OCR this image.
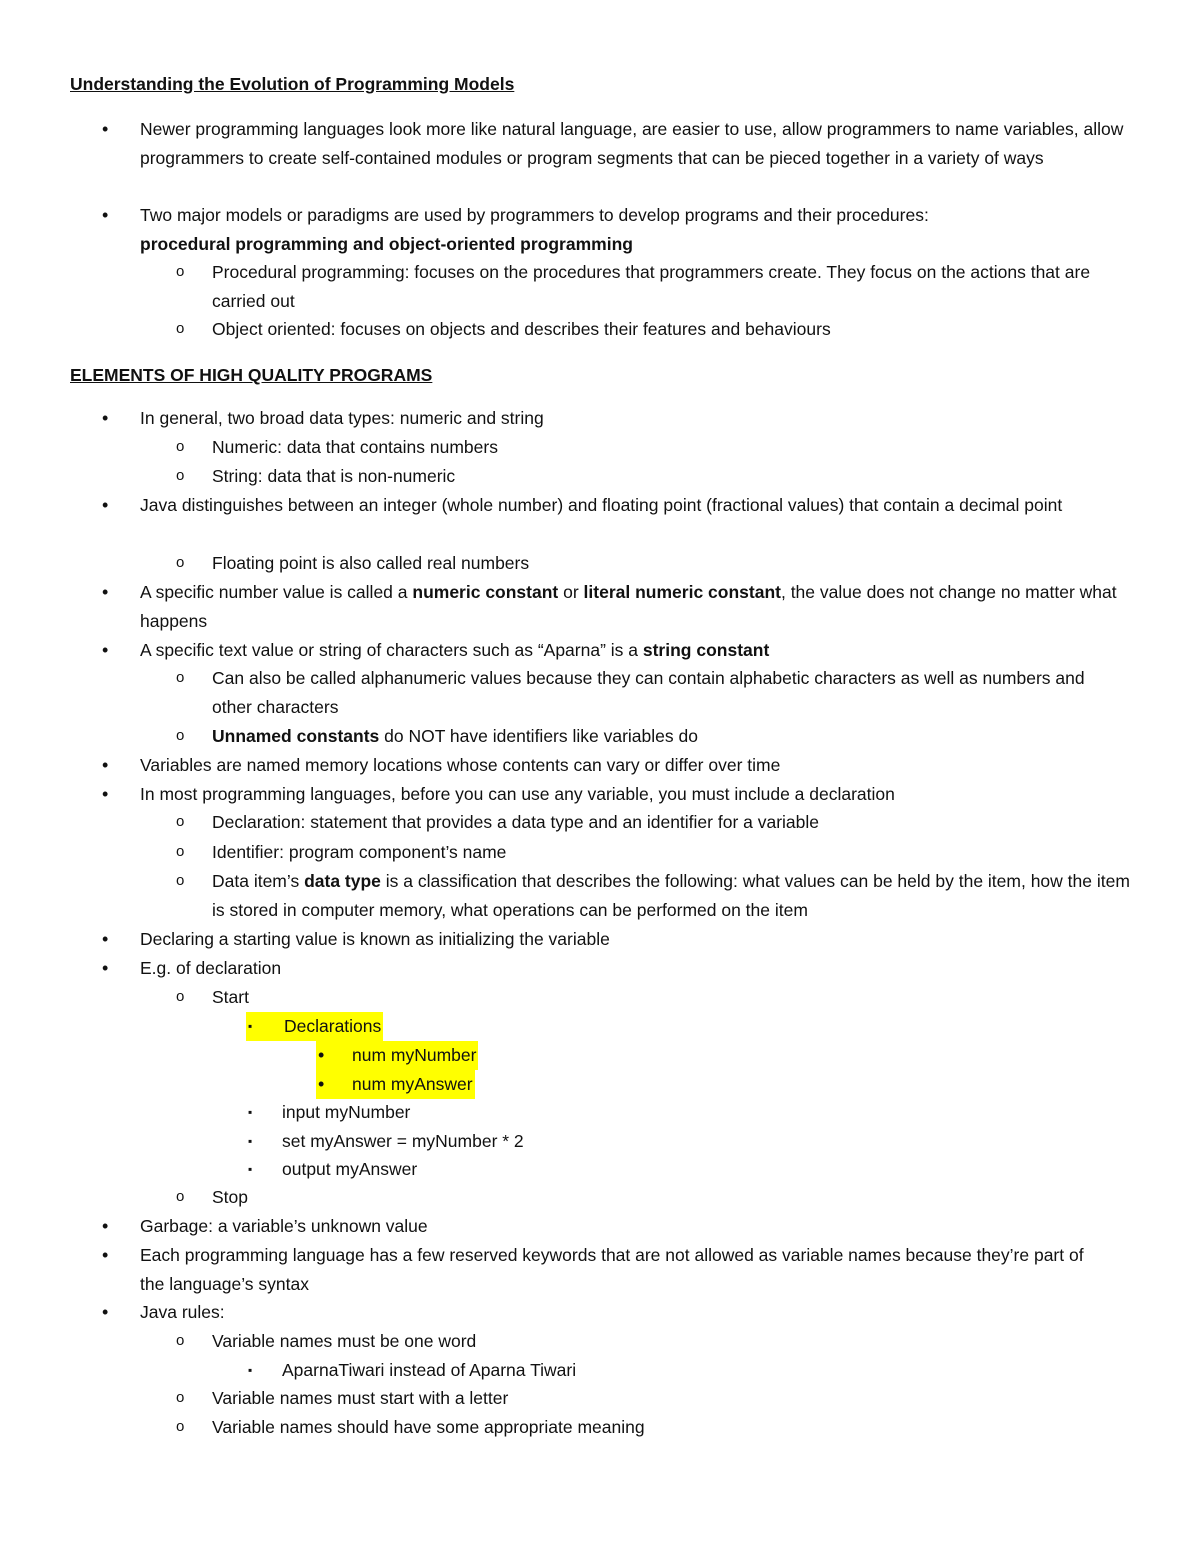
Understanding the Evolution of Programming Models
•	Newer programming languages look more like natural language, are easier to use, allow programmers to name variables, allow programmers to create self-contained modules or program segments that can be pieced together in a variety of ways
•	Two major models or paradigms are used by programmers to develop programs and their procedures:
procedural programming and object-oriented programming
o	Procedural programming: focuses on the procedures that programmers create. They focus on the actions that are carried out
o	Object oriented: focuses on objects and describes their features and behaviours
ELEMENTS OF HIGH QUALITY PROGRAMS
•	In general, two broad data types: numeric and string
o	Numeric: data that contains numbers
o	String: data that is non-numeric
•	Java distinguishes between an integer (whole number) and floating point (fractional values) that contain a decimal point
o	Floating point is also called real numbers
•	A specific number value is called a numeric constant or literal numeric constant, the value does not change no matter what happens
•	A specific text value or string of characters such as “Aparna” is a string constant
o	Can also be called alphanumeric values because they can contain alphabetic characters as well as numbers and other characters
o	Unnamed constants do NOT have identifiers like variables do
•	Variables are named memory locations whose contents can vary or differ over time
•	In most programming languages, before you can use any variable, you must include a declaration
o	Declaration: statement that provides a data type and an identifier for a variable
o	Identifier: program component’s name
o	Data item’s data type is a classification that describes the following: what values can be held by the item, how the item is stored in computer memory, what operations can be performed on the item
•	Declaring a starting value is known as initializing the variable
•	E.g. of declaration
o	Start
▪	Declarations
•	num myNumber
•	num myAnswer
▪	input myNumber
▪	set myAnswer = myNumber * 2
▪	output myAnswer
o	Stop
•	Garbage: a variable’s unknown value
•	Each programming language has a few reserved keywords that are not allowed as variable names because they’re part of the language’s syntax
•	Java rules:
o	Variable names must be one word
▪	AparnaTiwari instead of Aparna Tiwari
o	Variable names must start with a letter
o	Variable names should have some appropriate meaning
